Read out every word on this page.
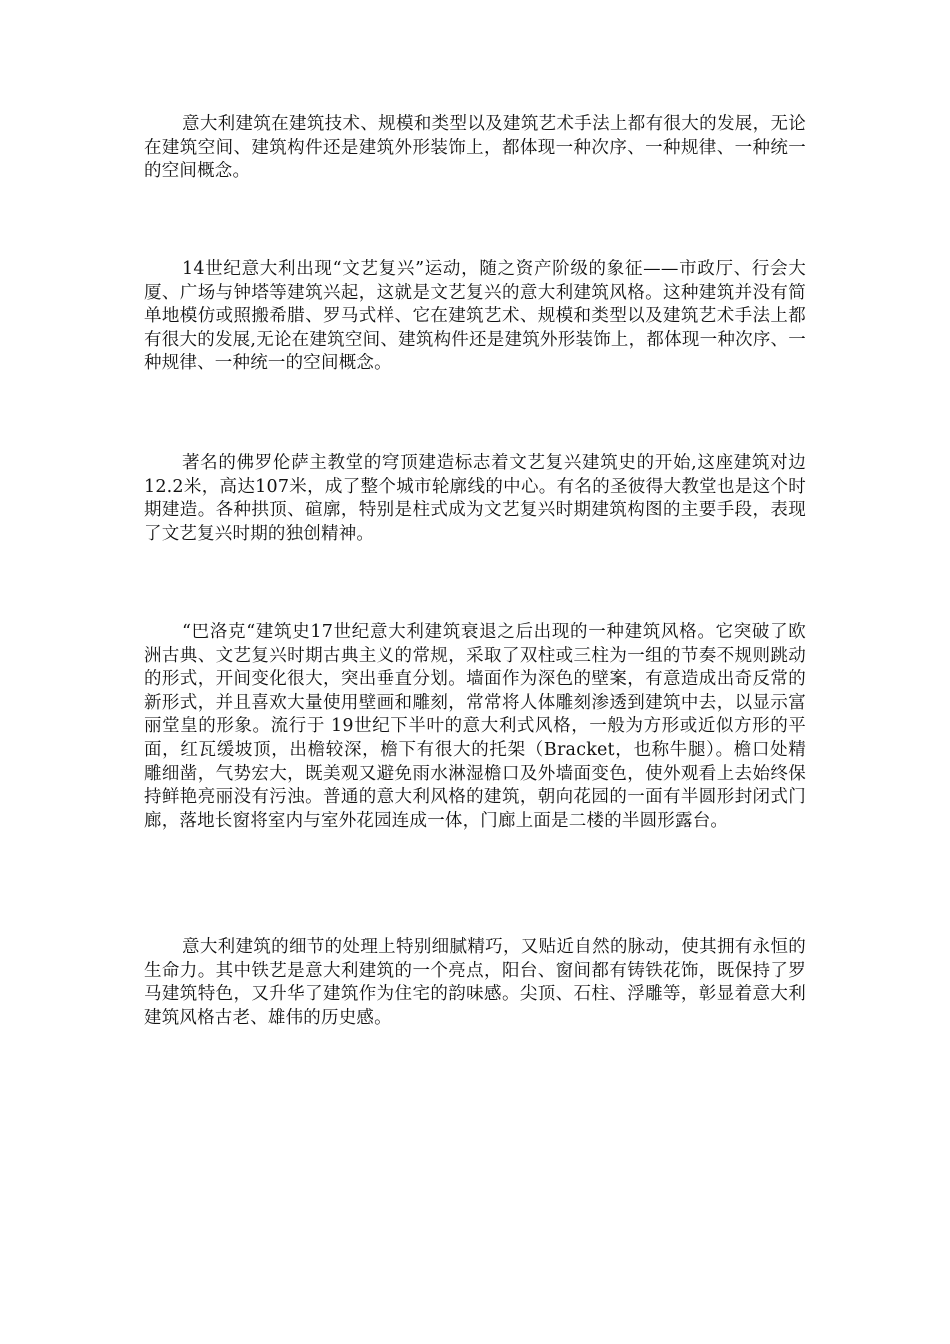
意大利建筑在建筑技术、规模和类型以及建筑艺术手法上都有很大的发展，无论在建筑空间、建筑构件还是建筑外形装饰上，都体现一种次序、一种规律、一种统一的空间概念。

14世纪意大利出现“文艺复兴”运动，随之资产阶级的象征——市政厅、行会大厦、广场与钟塔等建筑兴起，这就是文艺复兴的意大利建筑风格。这种建筑并没有简单地模仿或照搬希腊、罗马式样、它在建筑艺术、规模和类型以及建筑艺术手法上都有很大的发展,无论在建筑空间、建筑构件还是建筑外形装饰上，都体现一种次序、一种规律、一种统一的空间概念。

著名的佛罗伦萨主教堂的穹顶建造标志着文艺复兴建筑史的开始,这座建筑对边12.2米，高达107米，成了整个城市轮廓线的中心。有名的圣彼得大教堂也是这个时期建造。各种拱顶、碹廓，特别是柱式成为文艺复兴时期建筑构图的主要手段，表现了文艺复兴时期的独创精神。

“巴洛克“建筑史17世纪意大利建筑衰退之后出现的一种建筑风格。它突破了欧洲古典、文艺复兴时期古典主义的常规，采取了双柱或三柱为一组的节奏不规则跳动的形式，开间变化很大，突出垂直分划。墙面作为深色的壁案，有意造成出奇反常的新形式，并且喜欢大量使用壁画和雕刻，常常将人体雕刻渗透到建筑中去，以显示富丽堂皇的形象。流行于 19世纪下半叶的意大利式风格，一般为方形或近似方形的平面，红瓦缓坡顶，出檐较深，檐下有很大的托架（Bracket，也称牛腿）。檐口处精雕细凿，气势宏大，既美观又避免雨水淋湿檐口及外墙面变色，使外观看上去始终保持鲜艳亮丽没有污浊。普通的意大利风格的建筑，朝向花园的一面有半圆形封闭式门廊，落地长窗将室内与室外花园连成一体，门廊上面是二楼的半圆形露台。

意大利建筑的细节的处理上特别细腻精巧，又贴近自然的脉动，使其拥有永恒的生命力。其中铁艺是意大利建筑的一个亮点，阳台、窗间都有铸铁花饰，既保持了罗马建筑特色，又升华了建筑作为住宅的韵味感。尖顶、石柱、浮雕等，彰显着意大利建筑风格古老、雄伟的历史感。
